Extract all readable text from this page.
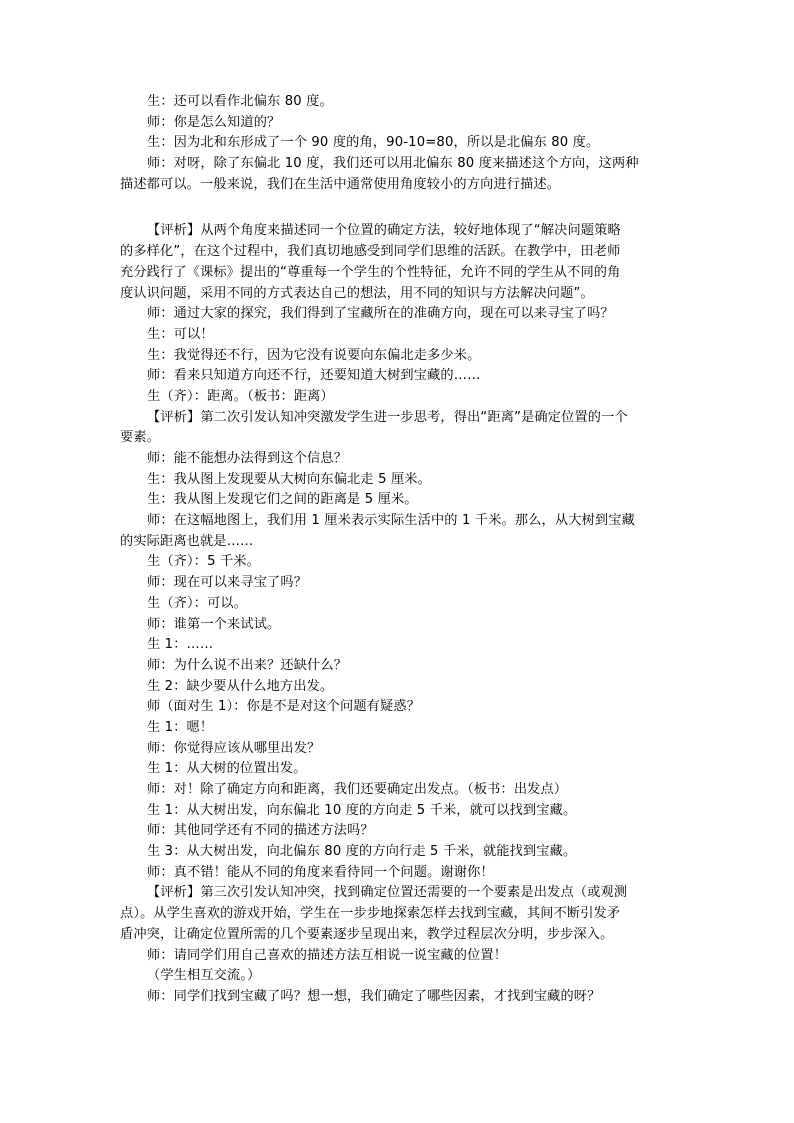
生：还可以看作北偏东 80 度。
师：你是怎么知道的？
生：因为北和东形成了一个 90 度的角，90-10=80，所以是北偏东 80 度。
师：对呀，除了东偏北 10 度，我们还可以用北偏东 80 度来描述这个方向，这两种
描述都可以。一般来说，我们在生活中通常使用角度较小的方向进行描述。
【评析】从两个角度来描述同一个位置的确定方法，较好地体现了“解决问题策略
的多样化”，在这个过程中，我们真切地感受到同学们思维的活跃。在教学中，田老师
充分践行了《课标》提出的“尊重每一个学生的个性特征，允许不同的学生从不同的角
度认识问题，采用不同的方式表达自己的想法，用不同的知识与方法解决问题”。
师：通过大家的探究，我们得到了宝藏所在的准确方向，现在可以来寻宝了吗？
生：可以！
生：我觉得还不行，因为它没有说要向东偏北走多少米。
师：看来只知道方向还不行，还要知道大树到宝藏的……
生（齐）：距离。（板书：距离）
【评析】第二次引发认知冲突激发学生进一步思考，得出“距离”是确定位置的一个
要素。
师：能不能想办法得到这个信息？
生：我从图上发现要从大树向东偏北走 5 厘米。
生：我从图上发现它们之间的距离是 5 厘米。
师：在这幅地图上，我们用 1 厘米表示实际生活中的 1 千米。那么，从大树到宝藏
的实际距离也就是……
生（齐）：5 千米。
师：现在可以来寻宝了吗？
生（齐）：可以。
师：谁第一个来试试。
生 1：……
师：为什么说不出来？还缺什么？
生 2：缺少要从什么地方出发。
师（面对生 1）：你是不是对这个问题有疑惑？
生 1：嗯！
师：你觉得应该从哪里出发？
生 1：从大树的位置出发。
师：对！除了确定方向和距离，我们还要确定出发点。（板书：出发点）
生 1：从大树出发，向东偏北 10 度的方向走 5 千米，就可以找到宝藏。
师：其他同学还有不同的描述方法吗？
生 3：从大树出发，向北偏东 80 度的方向行走 5 千米，就能找到宝藏。
师：真不错！能从不同的角度来看待同一个问题。谢谢你！
【评析】第三次引发认知冲突，找到确定位置还需要的一个要素是出发点（或观测
点）。从学生喜欢的游戏开始，学生在一步步地探索怎样去找到宝藏，其间不断引发矛
盾冲突，让确定位置所需的几个要素逐步呈现出来，教学过程层次分明，步步深入。
师：请同学们用自己喜欢的描述方法互相说一说宝藏的位置！
（学生相互交流。）
师：同学们找到宝藏了吗？想一想，我们确定了哪些因素，才找到宝藏的呀？
